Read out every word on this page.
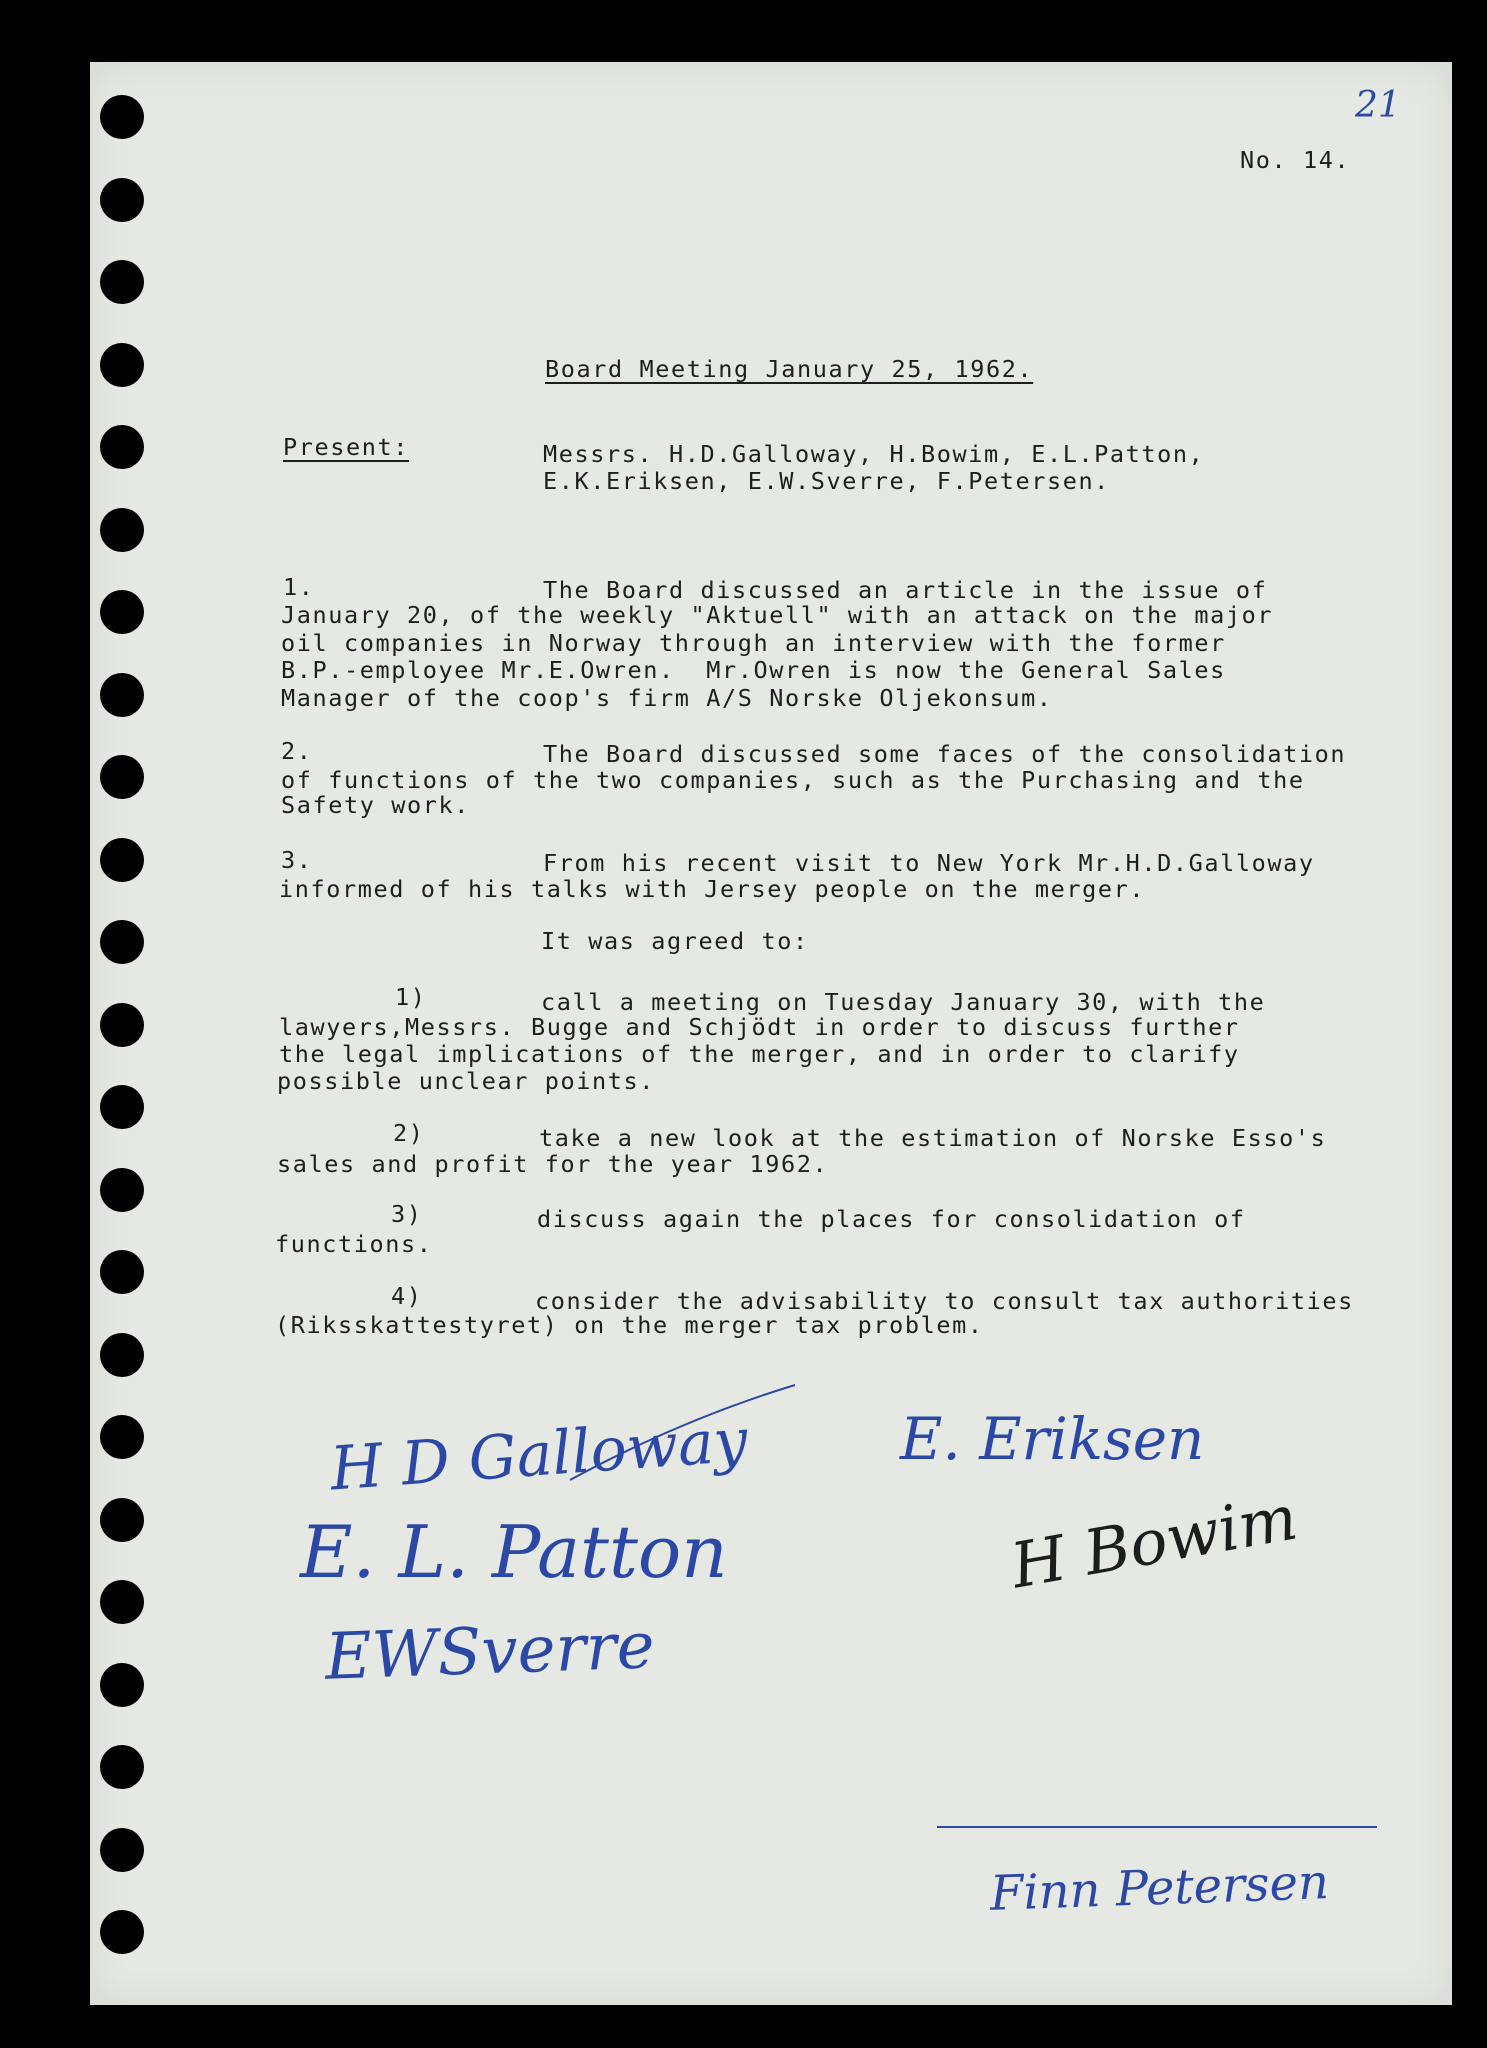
21
No. 14.
Board Meeting January 25, 1962.
Present:	Messrs. H.D.Galloway, H.Bowim, E.L.Patton,
E.K.Eriksen, E.W.Sverre, F.Petersen.
1.	The Board discussed an article in the issue of
January 20, of the weekly "Aktuell" with an attack on the major
oil companies in Norway through an interview with the former
B.P.-employee Mr.E.Owren.  Mr.Owren is now the General Sales
Manager of the coop's firm A/S Norske Oljekonsum.
2.	The Board discussed some faces of the consolidation
of functions of the two companies, such as the Purchasing and the
Safety work.
3.	From his recent visit to New York Mr.H.D.Galloway
informed of his talks with Jersey people on the merger.
It was agreed to:
1)	call a meeting on Tuesday January 30, with the
lawyers,Messrs. Bugge and Schjödt in order to discuss further
the legal implications of the merger, and in order to clarify
possible unclear points.
2)	take a new look at the estimation of Norske Esso's
sales and profit for the year 1962.
3)	discuss again the places for consolidation of
functions.
4)	consider the advisability to consult tax authorities
(Riksskattestyret) on the merger tax problem.
H D Galloway
E. L. Patton
EWSverre
E. Eriksen
H Bowim
Finn Petersen
